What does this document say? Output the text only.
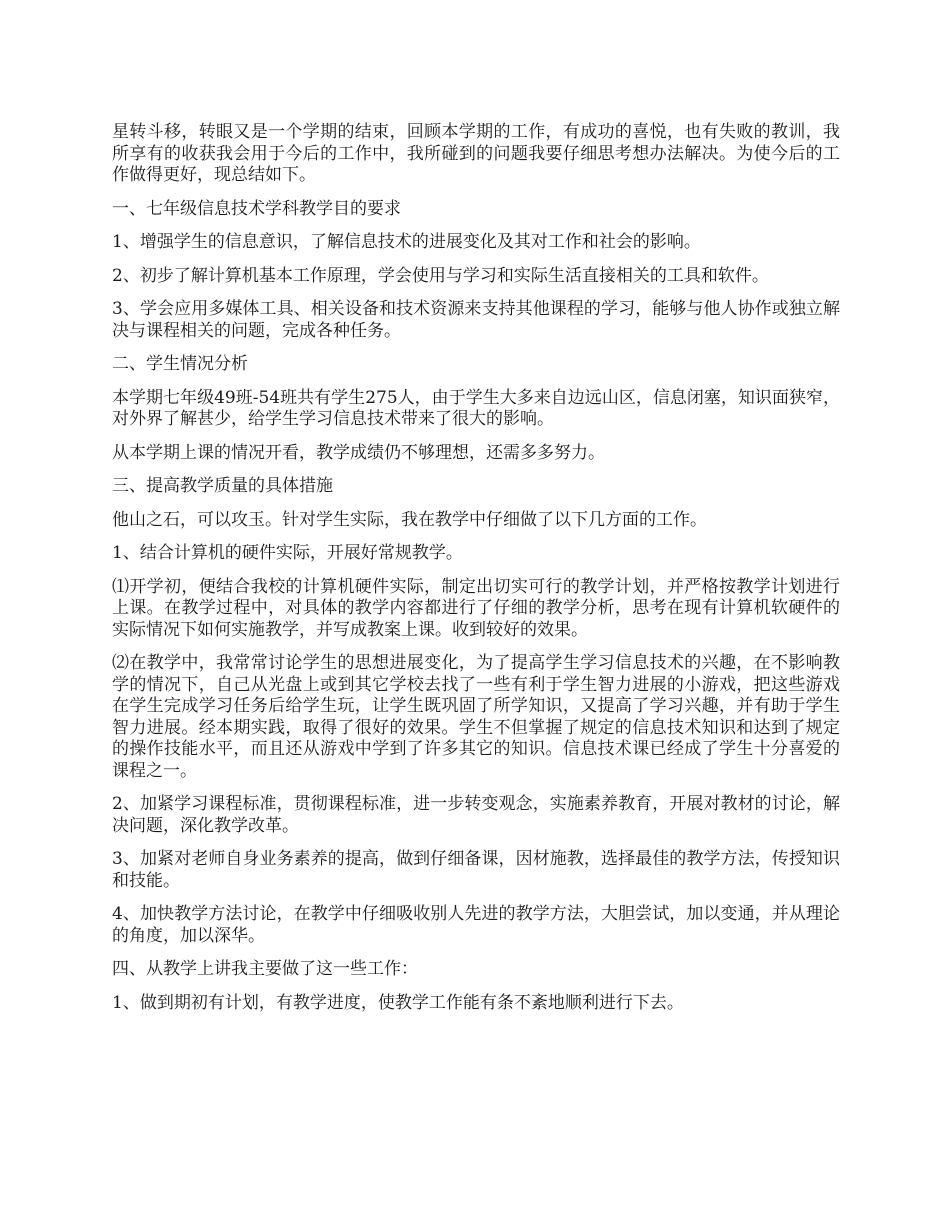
星转斗移，转眼又是一个学期的结束，回顾本学期的工作，有成功的喜悦，也有失败的教训，我所享有的收获我会用于今后的工作中，我所碰到的问题我要仔细思考想办法解决。为使今后的工作做得更好，现总结如下。

一、七年级信息技术学科教学目的要求

1、增强学生的信息意识，了解信息技术的进展变化及其对工作和社会的影响。

2、初步了解计算机基本工作原理，学会使用与学习和实际生活直接相关的工具和软件。

3、学会应用多媒体工具、相关设备和技术资源来支持其他课程的学习，能够与他人协作或独立解决与课程相关的问题，完成各种任务。

二、学生情况分析

本学期七年级49班-54班共有学生275人，由于学生大多来自边远山区，信息闭塞，知识面狭窄，对外界了解甚少，给学生学习信息技术带来了很大的影响。

从本学期上课的情况开看，教学成绩仍不够理想，还需多多努力。

三、提高教学质量的具体措施

他山之石，可以攻玉。针对学生实际，我在教学中仔细做了以下几方面的工作。

1、结合计算机的硬件实际，开展好常规教学。

⑴开学初，便结合我校的计算机硬件实际，制定出切实可行的教学计划，并严格按教学计划进行上课。在教学过程中，对具体的教学内容都进行了仔细的教学分析，思考在现有计算机软硬件的实际情况下如何实施教学，并写成教案上课。收到较好的效果。

⑵在教学中，我常常讨论学生的思想进展变化，为了提高学生学习信息技术的兴趣，在不影响教学的情况下，自己从光盘上或到其它学校去找了一些有利于学生智力进展的小游戏，把这些游戏在学生完成学习任务后给学生玩，让学生既巩固了所学知识，又提高了学习兴趣，并有助于学生智力进展。经本期实践，取得了很好的效果。学生不但掌握了规定的信息技术知识和达到了规定的操作技能水平，而且还从游戏中学到了许多其它的知识。信息技术课已经成了学生十分喜爱的课程之一。

2、加紧学习课程标准，贯彻课程标准，进一步转变观念，实施素养教育，开展对教材的讨论，解决问题，深化教学改革。

3、加紧对老师自身业务素养的提高，做到仔细备课，因材施教，选择最佳的教学方法，传授知识和技能。

4、加快教学方法讨论，在教学中仔细吸收别人先进的教学方法，大胆尝试，加以变通，并从理论的角度，加以深华。

四、从教学上讲我主要做了这一些工作：

1、做到期初有计划，有教学进度，使教学工作能有条不紊地顺利进行下去。
